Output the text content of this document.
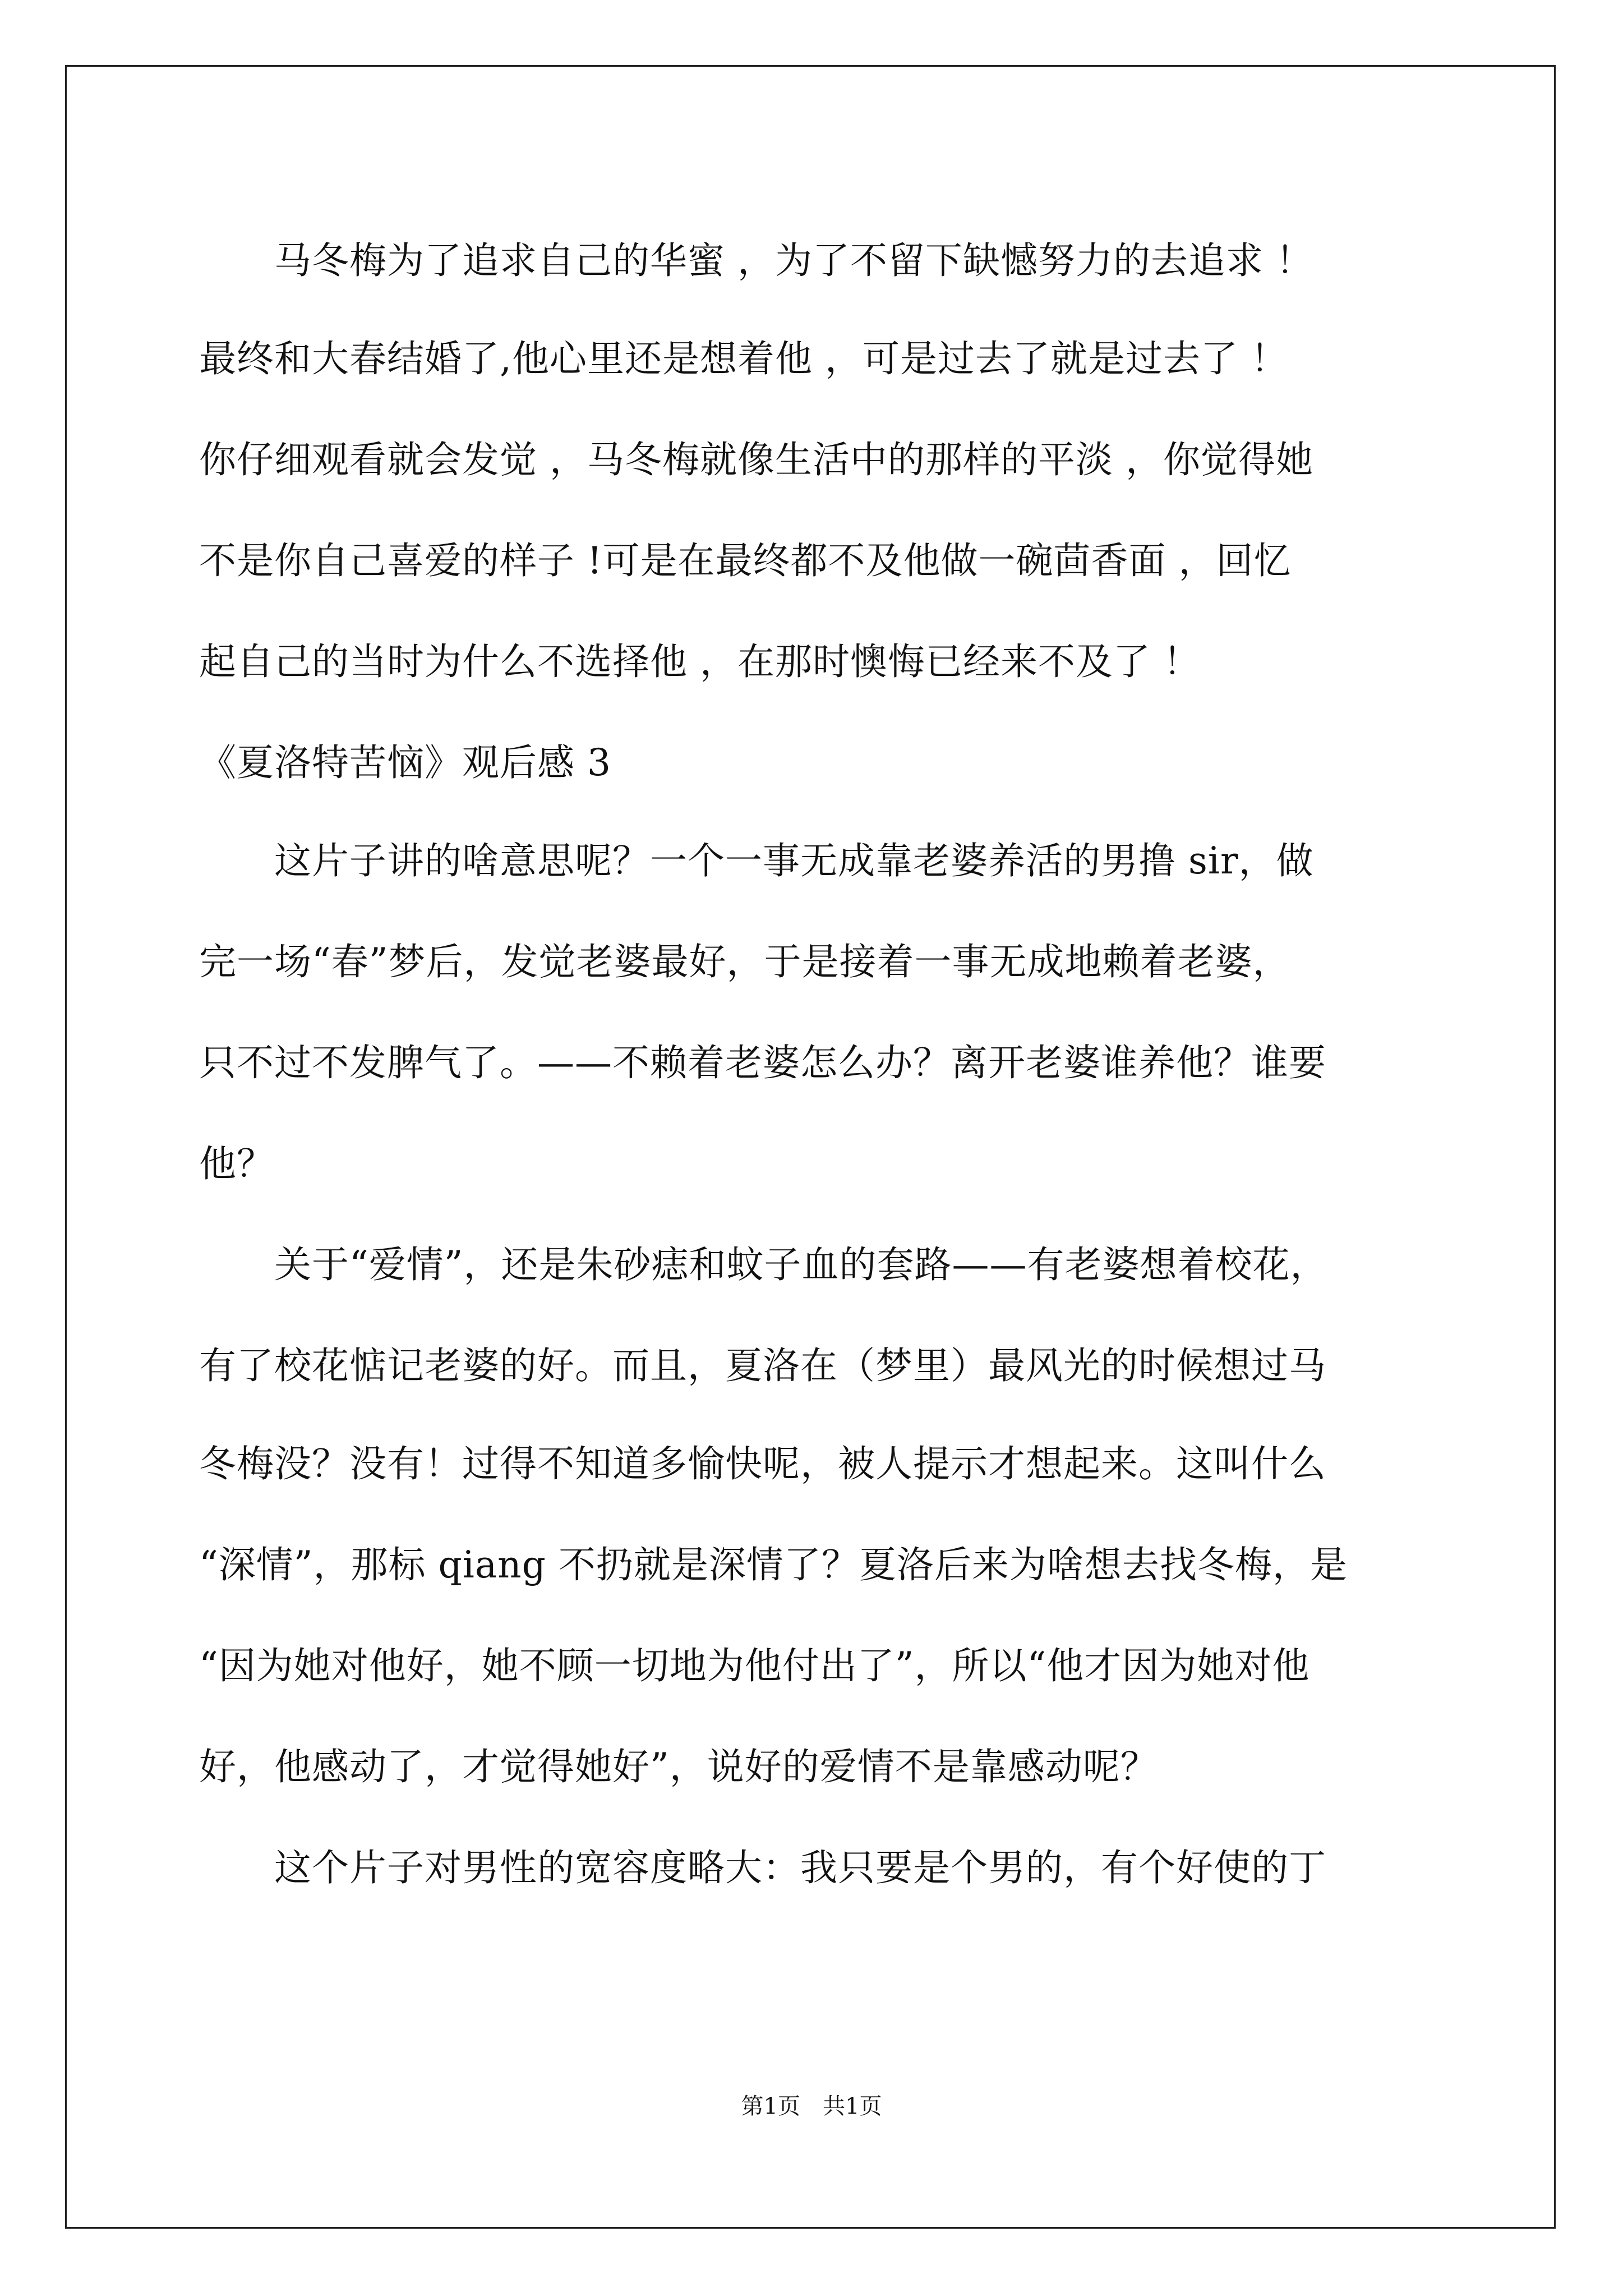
　　马冬梅为了追求自己的华蜜 ，为了不留下缺憾努力的去追求 ！
最终和大春结婚了,他心里还是想着他 ，可是过去了就是过去了 ！
你仔细观看就会发觉 ，马冬梅就像生活中的那样的平淡 ，你觉得她
不是你自己喜爱的样子 !可是在最终都不及他做一碗茴香面 ，回忆
起自己的当时为什么不选择他 ，在那时懊悔已经来不及了 ！
《夏洛特苦恼》观后感 3
　　这片子讲的啥意思呢？一个一事无成靠老婆养活的男撸 sir，做
完一场“春”梦后，发觉老婆最好，于是接着一事无成地赖着老婆，
只不过不发脾气了。——不赖着老婆怎么办？离开老婆谁养他？谁要
他？
　　关于“爱情”，还是朱砂痣和蚊子血的套路——有老婆想着校花，
有了校花惦记老婆的好。而且，夏洛在（梦里）最风光的时候想过马
冬梅没？没有！过得不知道多愉快呢，被人提示才想起来。这叫什么
“深情”，那标 qiang 不扔就是深情了？夏洛后来为啥想去找冬梅，是
“因为她对他好，她不顾一切地为他付出了”，所以“他才因为她对他
好，他感动了，才觉得她好”，说好的爱情不是靠感动呢？
　　这个片子对男性的宽容度略大：我只要是个男的，有个好使的丁
第1页　共1页
